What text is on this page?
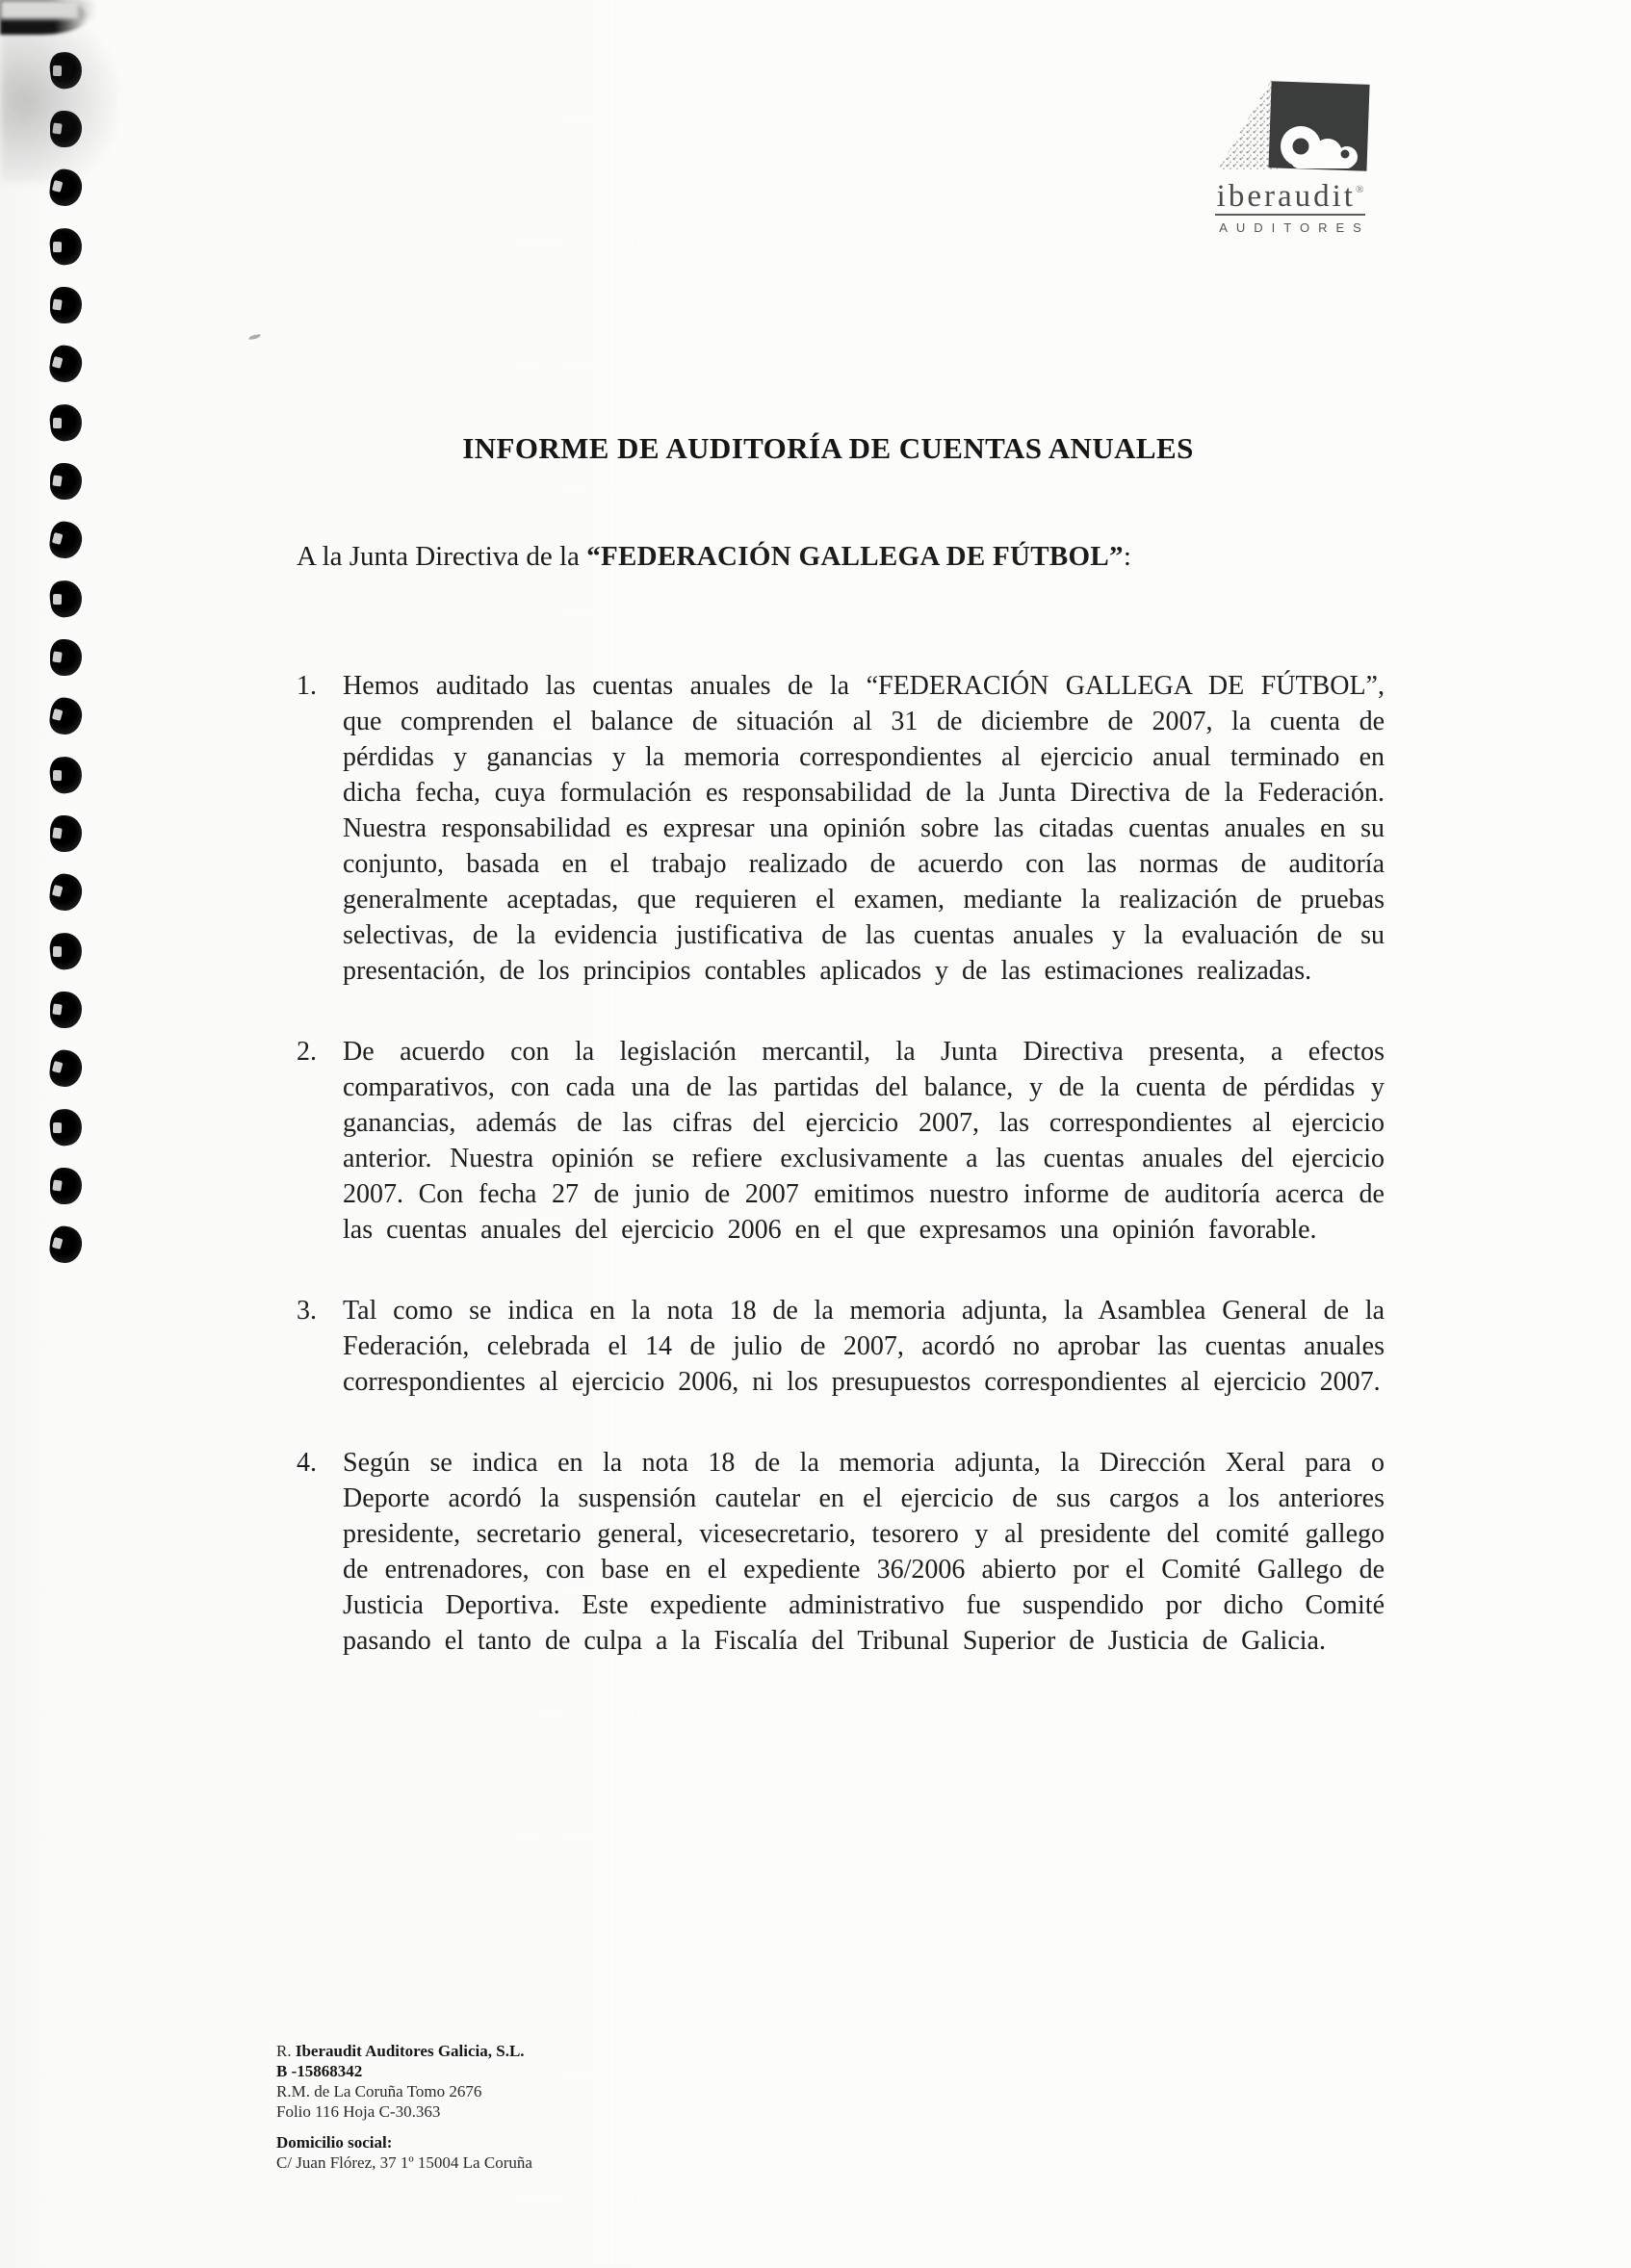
iberaudit®
AUDITORES
INFORME DE AUDITORÍA DE CUENTAS ANUALES
A la Junta Directiva de la “FEDERACIÓN GALLEGA DE FÚTBOL”:
1. Hemos auditado las cuentas anuales de la “FEDERACIÓN GALLEGA DE FÚTBOL”, que comprenden el balance de situación al 31 de diciembre de 2007, la cuenta de pérdidas y ganancias y la memoria correspondientes al ejercicio anual terminado en dicha fecha, cuya formulación es responsabilidad de la Junta Directiva de la Federación. Nuestra responsabilidad es expresar una opinión sobre las citadas cuentas anuales en su conjunto, basada en el trabajo realizado de acuerdo con las normas de auditoría generalmente aceptadas, que requieren el examen, mediante la realización de pruebas selectivas, de la evidencia justificativa de las cuentas anuales y la evaluación de su presentación, de los principios contables aplicados y de las estimaciones realizadas.
2. De acuerdo con la legislación mercantil, la Junta Directiva presenta, a efectos comparativos, con cada una de las partidas del balance, y de la cuenta de pérdidas y ganancias, además de las cifras del ejercicio 2007, las correspondientes al ejercicio anterior. Nuestra opinión se refiere exclusivamente a las cuentas anuales del ejercicio 2007. Con fecha 27 de junio de 2007 emitimos nuestro informe de auditoría acerca de las cuentas anuales del ejercicio 2006 en el que expresamos una opinión favorable.
3. Tal como se indica en la nota 18 de la memoria adjunta, la Asamblea General de la Federación, celebrada el 14 de julio de 2007, acordó no aprobar las cuentas anuales correspondientes al ejercicio 2006, ni los presupuestos correspondientes al ejercicio 2007.
4. Según se indica en la nota 18 de la memoria adjunta, la Dirección Xeral para o Deporte acordó la suspensión cautelar en el ejercicio de sus cargos a los anteriores presidente, secretario general, vicesecretario, tesorero y al presidente del comité gallego de entrenadores, con base en el expediente 36/2006 abierto por el Comité Gallego de Justicia Deportiva. Este expediente administrativo fue suspendido por dicho Comité pasando el tanto de culpa a la Fiscalía del Tribunal Superior de Justicia de Galicia.
R. Iberaudit Auditores Galicia, S.L.
B -15868342
R.M. de La Coruña Tomo 2676
Folio 116 Hoja C-30.363
Domicilio social:
C/ Juan Flórez, 37 1º 15004 La Coruña
